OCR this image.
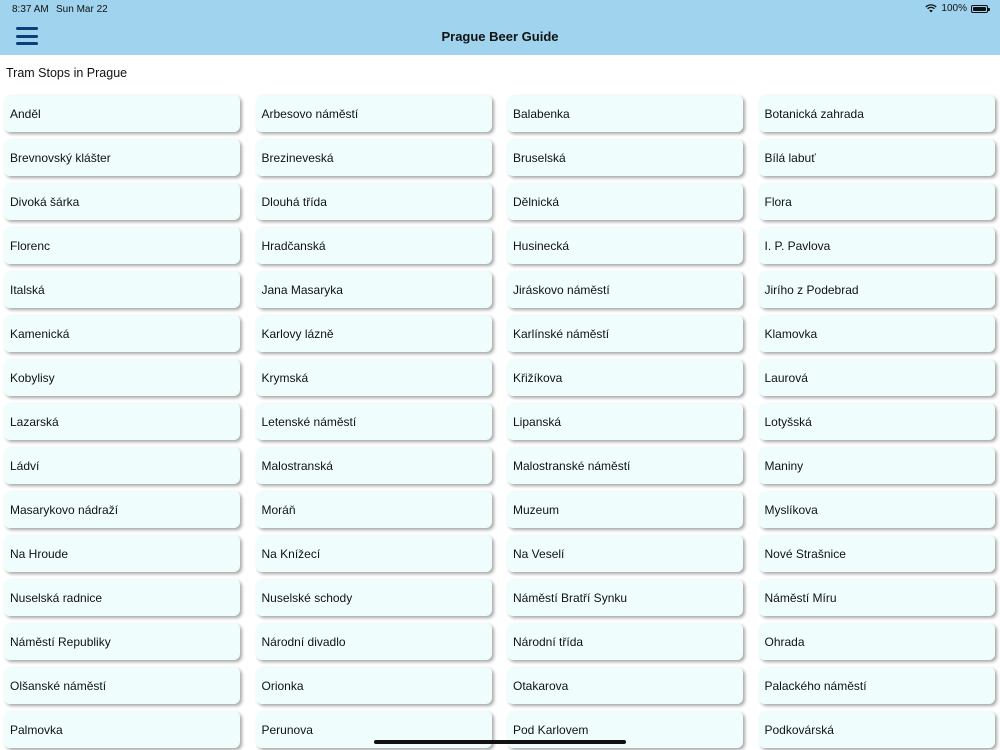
8:37 AM Sun Mar 22	100%
Prague Beer Guide
Tram Stops in Prague
Anděl	Arbesovo náměstí	Balabenka	Botanická zahrada
Brevnovský klášter	Brezineveská	Bruselská	Bílá labuť
Divoká šárka	Dlouhá třída	Dělnická	Flora
Florenc	Hradčanská	Husinecká	I. P. Pavlova
Italská	Jana Masaryka	Jiráskovo náměstí	Jirího z Podebrad
Kamenická	Karlovy lázně	Karlínské náměstí	Klamovka
Kobylisy	Krymská	Křižíkova	Laurová
Lazarská	Letenské náměstí	Lipanská	Lotyšská
Ládví	Malostranská	Malostranské náměstí	Maniny
Masarykovo nádraží	Moráň	Muzeum	Myslíkova
Na Hroude	Na Knížecí	Na Veselí	Nové Strašnice
Nuselská radnice	Nuselské schody	Náměstí Bratří Synku	Náměstí Míru
Náměstí Republiky	Národní divadlo	Národní třída	Ohrada
Olšanské náměstí	Orionka	Otakarova	Palackého náměstí
Palmovka	Perunova	Pod Karlovem	Podkovárská
